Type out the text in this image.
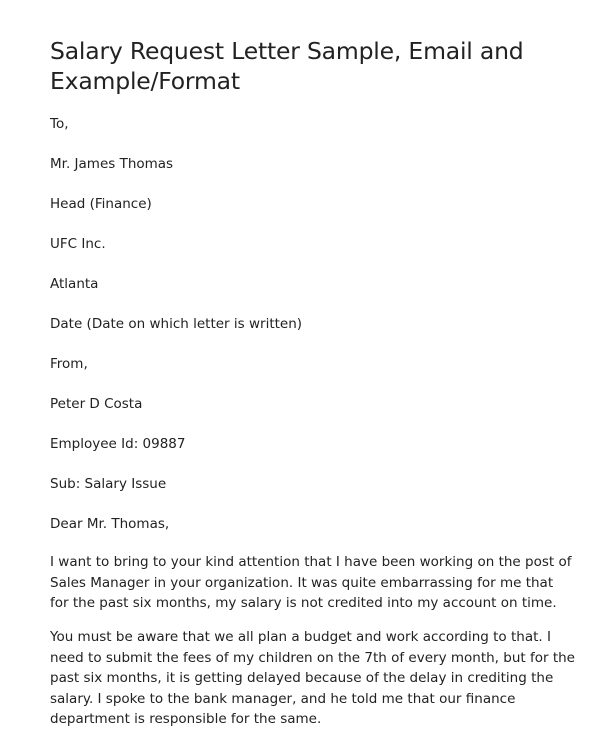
Salary Request Letter Sample, Email and Example/Format

To,

Mr. James Thomas

Head (Finance)

UFC Inc.

Atlanta

Date (Date on which letter is written)

From,

Peter D Costa

Employee Id: 09887

Sub: Salary Issue

Dear Mr. Thomas,

I want to bring to your kind attention that I have been working on the post of Sales Manager in your organization. It was quite embarrassing for me that for the past six months, my salary is not credited into my account on time.

You must be aware that we all plan a budget and work according to that. I need to submit the fees of my children on the 7th of every month, but for the past six months, it is getting delayed because of the delay in crediting the salary. I spoke to the bank manager, and he told me that our finance department is responsible for the same.
